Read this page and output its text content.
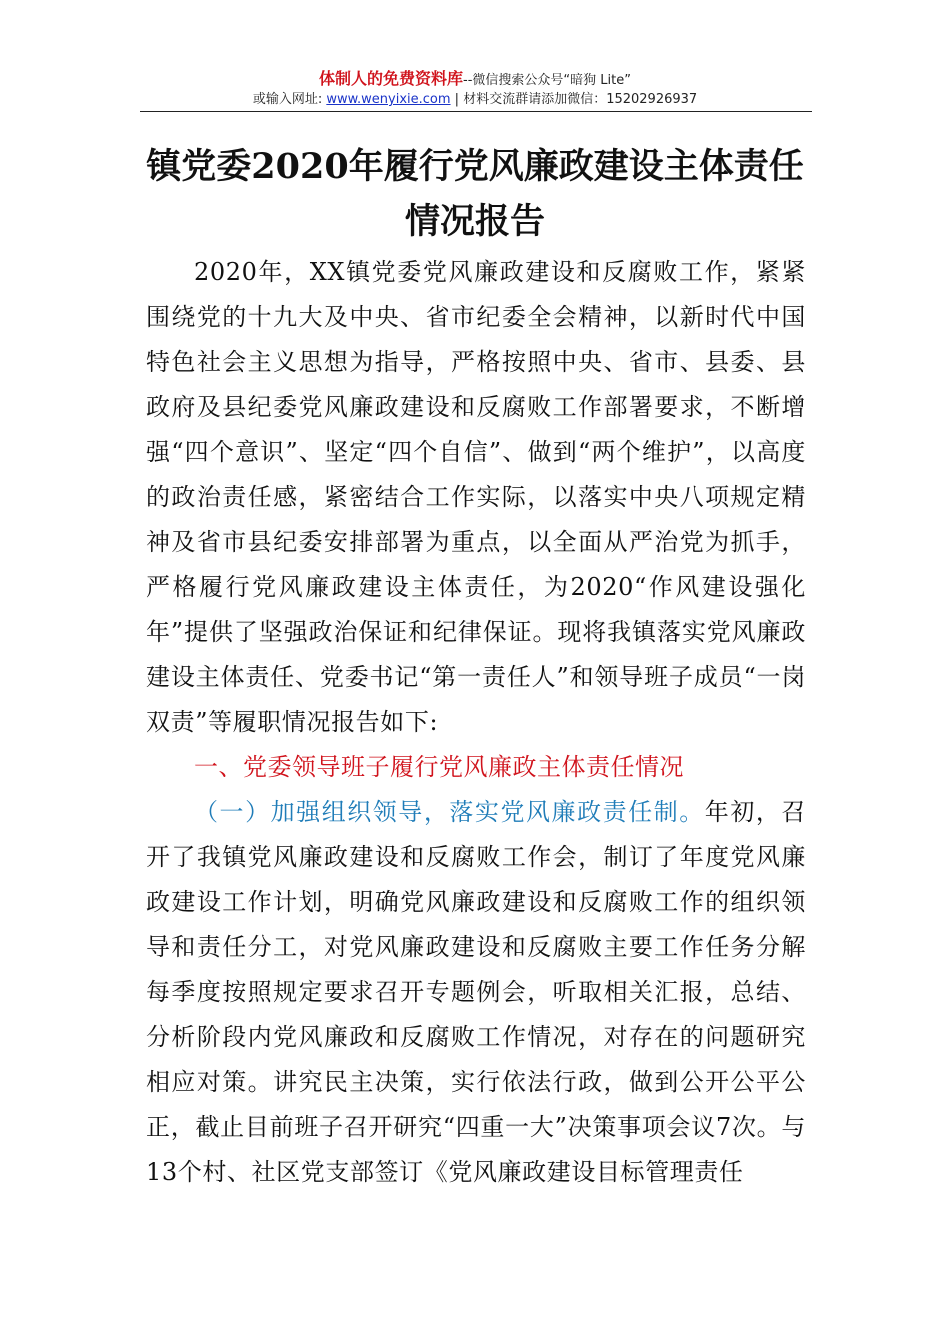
体制人的免费资料库--微信搜索公众号“暗狗 Lite”
或输入网址: www.wenyixie.com | 材料交流群请添加微信：15202926937
镇党委2020年履行党风廉政建设主体责任
情况报告

2020年，XX镇党委党风廉政建设和反腐败工作，紧紧围绕党的十九大及中央、省市纪委全会精神，以新时代中国特色社会主义思想为指导，严格按照中央、省市、县委、县政府及县纪委党风廉政建设和反腐败工作部署要求，不断增强“四个意识”、坚定“四个自信”、做到“两个维护”，以高度的政治责任感，紧密结合工作实际，以落实中央八项规定精神及省市县纪委安排部署为重点，以全面从严治党为抓手，严格履行党风廉政建设主体责任，为2020“作风建设强化年”提供了坚强政治保证和纪律保证。现将我镇落实党风廉政建设主体责任、党委书记“第一责任人”和领导班子成员“一岗双责”等履职情况报告如下:

一、党委领导班子履行党风廉政主体责任情况

（一）加强组织领导，落实党风廉政责任制。年初，召开了我镇党风廉政建设和反腐败工作会，制订了年度党风廉政建设工作计划，明确党风廉政建设和反腐败工作的组织领导和责任分工，对党风廉政建设和反腐败主要工作任务分解每季度按照规定要求召开专题例会，听取相关汇报，总结、分析阶段内党风廉政和反腐败工作情况，对存在的问题研究相应对策。讲究民主决策，实行依法行政，做到公开公平公正，截止目前班子召开研究“四重一大”决策事项会议7次。与13个村、社区党支部签订《党风廉政建设目标管理责任
